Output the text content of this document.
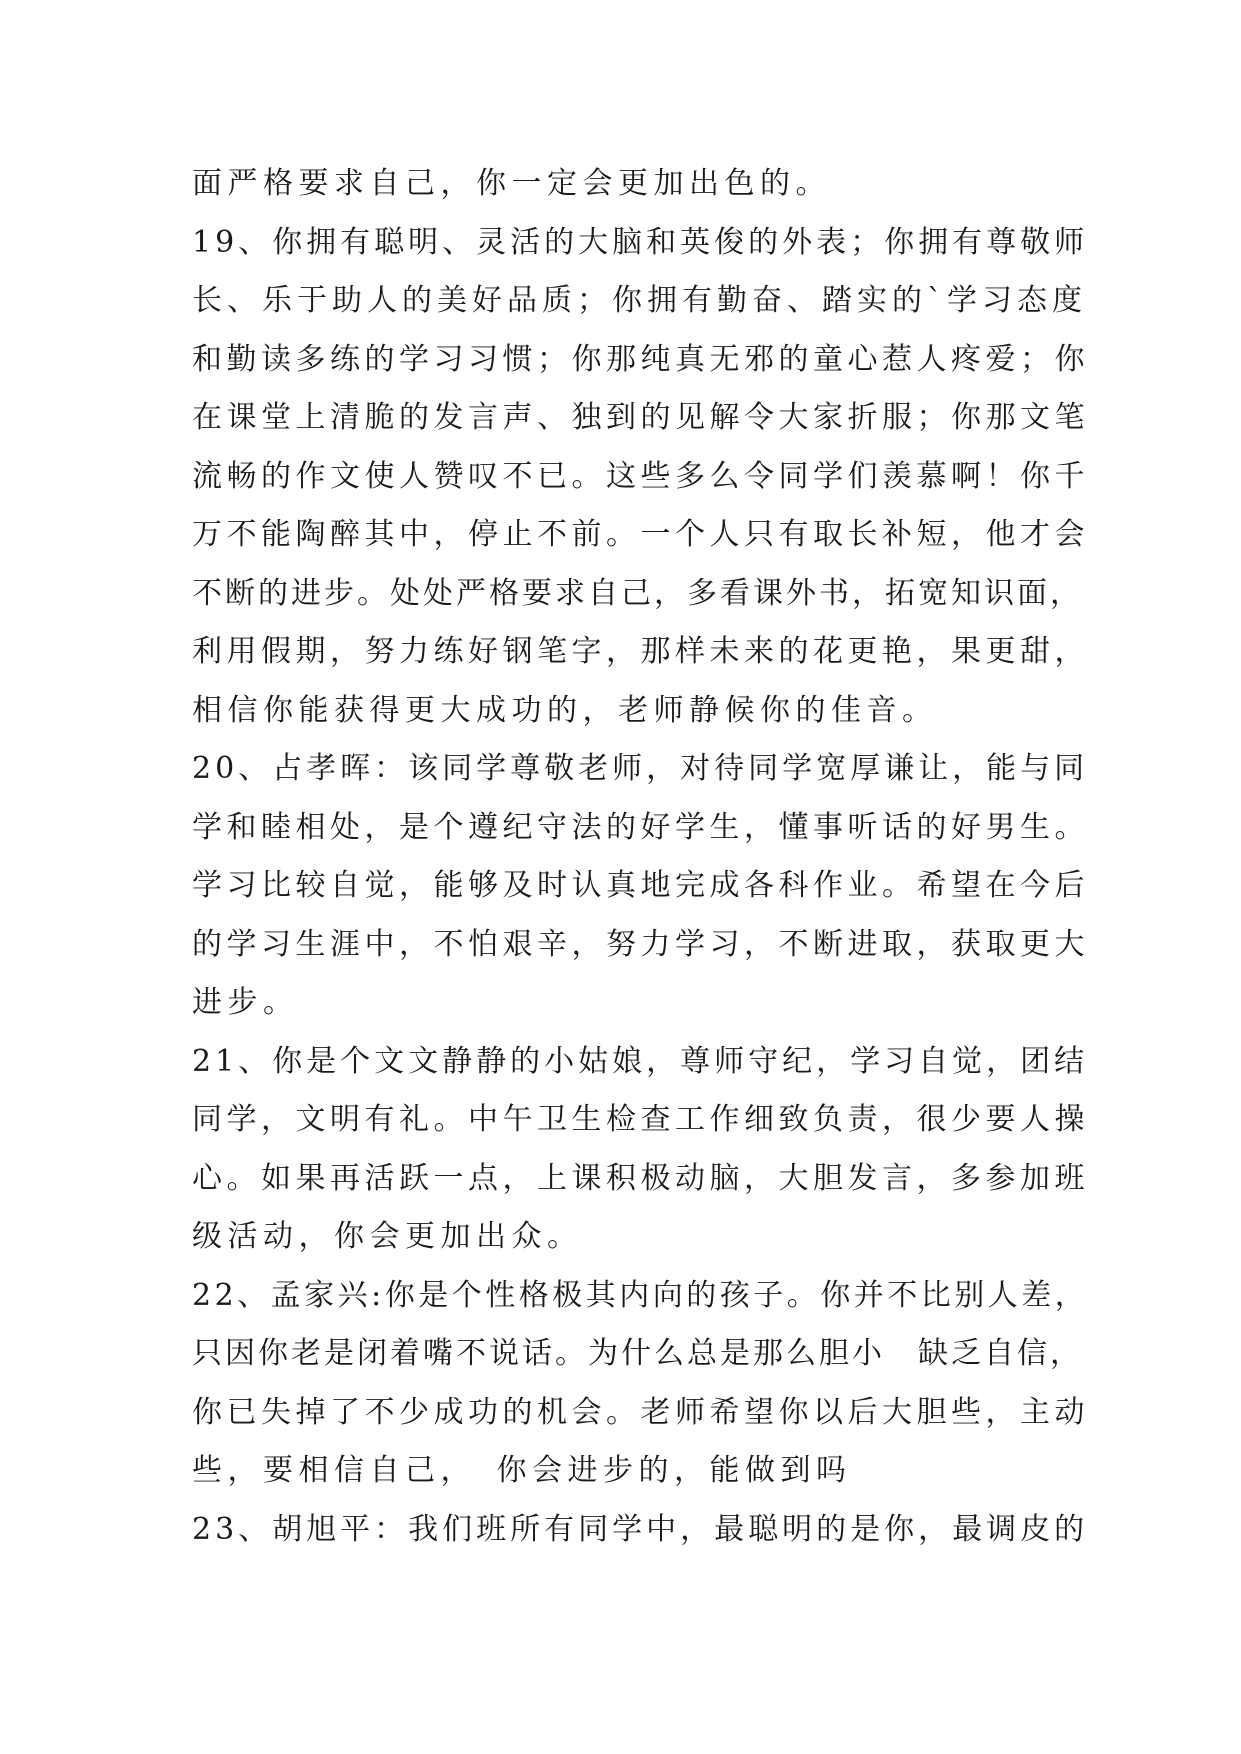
面严格要求自己，你一定会更加出色的。
19、你拥有聪明、灵活的大脑和英俊的外表；你拥有尊敬师
长、乐于助人的美好品质；你拥有勤奋、踏实的`学习态度
和勤读多练的学习习惯；你那纯真无邪的童心惹人疼爱；你
在课堂上清脆的发言声、独到的见解令大家折服；你那文笔
流畅的作文使人赞叹不已。这些多么令同学们羡慕啊！你千
万不能陶醉其中，停止不前。一个人只有取长补短，他才会
不断的进步。处处严格要求自己，多看课外书，拓宽知识面，
利用假期，努力练好钢笔字，那样未来的花更艳，果更甜，
相信你能获得更大成功的，老师静候你的佳音。
20、占孝晖：该同学尊敬老师，对待同学宽厚谦让，能与同
学和睦相处，是个遵纪守法的好学生，懂事听话的好男生。
学习比较自觉，能够及时认真地完成各科作业。希望在今后
的学习生涯中，不怕艰辛，努力学习，不断进取，获取更大
进步。
21、你是个文文静静的小姑娘，尊师守纪，学习自觉，团结
同学，文明有礼。中午卫生检查工作细致负责，很少要人操
心。如果再活跃一点，上课积极动脑，大胆发言，多参加班
级活动，你会更加出众。
22、孟家兴:你是个性格极其内向的孩子。你并不比别人差，
只因你老是闭着嘴不说话。为什么总是那么胆小　缺乏自信，
你已失掉了不少成功的机会。老师希望你以后大胆些，主动
些，要相信自己，　你会进步的，能做到吗
23、胡旭平：我们班所有同学中，最聪明的是你，最调皮的
